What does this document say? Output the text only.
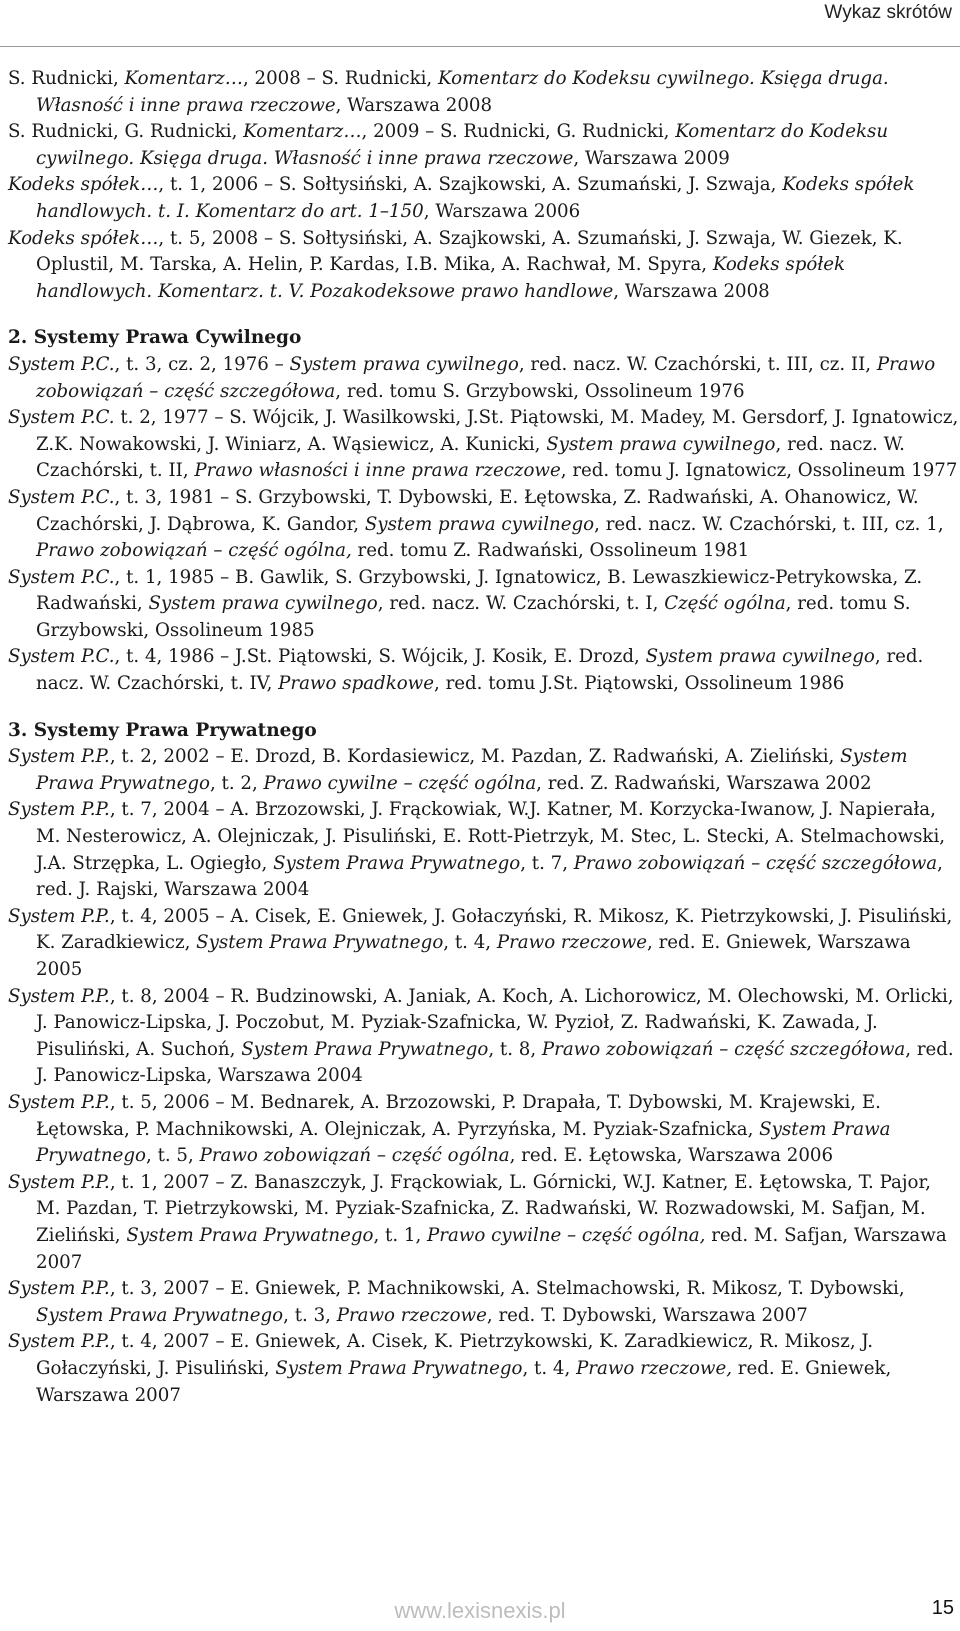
Wykaz skrótów

S. Rudnicki, Komentarz…, 2008 – S. Rudnicki, Komentarz do Kodeksu cywilnego. Księga druga. Własność i inne prawa rzeczowe, Warszawa 2008

S. Rudnicki, G. Rudnicki, Komentarz…, 2009 – S. Rudnicki, G. Rudnicki, Komentarz do Kodeksu cywilnego. Księga druga. Własność i inne prawa rzeczowe, Warszawa 2009

Kodeks spółek…, t. 1, 2006 – S. Sołtysiński, A. Szajkowski, A. Szumański, J. Szwaja, Kodeks spółek handlowych. t. I. Komentarz do art. 1–150, Warszawa 2006

Kodeks spółek…, t. 5, 2008 – S. Sołtysiński, A. Szajkowski, A. Szumański, J. Szwaja, W. Giezek, K. Oplustil, M. Tarska, A. Helin, P. Kardas, I.B. Mika, A. Rachwał, M. Spyra, Kodeks spółek handlowych. Komentarz. t. V. Pozakodeksowe prawo handlowe, Warszawa 2008

2. Systemy Prawa Cywilnego

System P.C., t. 3, cz. 2, 1976 – System prawa cywilnego, red. nacz. W. Czachórski, t. III, cz. II, Prawo zobowiązań – część szczegółowa, red. tomu S. Grzybowski, Ossolineum 1976

System P.C. t. 2, 1977 – S. Wójcik, J. Wasilkowski, J.St. Piątowski, M. Madey, M. Gersdorf, J. Ignatowicz, Z.K. Nowakowski, J. Winiarz, A. Wąsiewicz, A. Kunicki, System prawa cywilnego, red. nacz. W. Czachórski, t. II, Prawo własności i inne prawa rzeczowe, red. tomu J. Ignatowicz, Ossolineum 1977

System P.C., t. 3, 1981 – S. Grzybowski, T. Dybowski, E. Łętowska, Z. Radwański, A. Ohanowicz, W. Czachórski, J. Dąbrowa, K. Gandor, System prawa cywilnego, red. nacz. W. Czachórski, t. III, cz. 1, Prawo zobowiązań – część ogólna, red. tomu Z. Radwański, Ossolineum 1981

System P.C., t. 1, 1985 – B. Gawlik, S. Grzybowski, J. Ignatowicz, B. Lewaszkiewicz-Petrykowska, Z. Radwański, System prawa cywilnego, red. nacz. W. Czachórski, t. I, Część ogólna, red. tomu S. Grzybowski, Ossolineum 1985

System P.C., t. 4, 1986 – J.St. Piątowski, S. Wójcik, J. Kosik, E. Drozd, System prawa cywilnego, red. nacz. W. Czachórski, t. IV, Prawo spadkowe, red. tomu J.St. Piątowski, Ossolineum 1986

3. Systemy Prawa Prywatnego

System P.P., t. 2, 2002 – E. Drozd, B. Kordasiewicz, M. Pazdan, Z. Radwański, A. Zieliński, System Prawa Prywatnego, t. 2, Prawo cywilne – część ogólna, red. Z. Radwański, Warszawa 2002

System P.P., t. 7, 2004 – A. Brzozowski, J. Frąckowiak, W.J. Katner, M. Korzycka-Iwanow, J. Napierała, M. Nesterowicz, A. Olejniczak, J. Pisuliński, E. Rott-Pietrzyk, M. Stec, L. Stecki, A. Stelmachowski, J.A. Strzępka, L. Ogiegło, System Prawa Prywatnego, t. 7, Prawo zobowiązań – część szczegółowa, red. J. Rajski, Warszawa 2004

System P.P., t. 4, 2005 – A. Cisek, E. Gniewek, J. Gołaczyński, R. Mikosz, K. Pietrzykowski, J. Pisuliński, K. Zaradkiewicz, System Prawa Prywatnego, t. 4, Prawo rzeczowe, red. E. Gniewek, Warszawa 2005

System P.P., t. 8, 2004 – R. Budzinowski, A. Janiak, A. Koch, A. Lichorowicz, M. Olechowski, M. Orlicki, J. Panowicz-Lipska, J. Poczobut, M. Pyziak-Szafnicka, W. Pyzioł, Z. Radwański, K. Zawada, J. Pisuliński, A. Suchoń, System Prawa Prywatnego, t. 8, Prawo zobowiązań – część szczegółowa, red. J. Panowicz-Lipska, Warszawa 2004

System P.P., t. 5, 2006 – M. Bednarek, A. Brzozowski, P. Drapała, T. Dybowski, M. Krajewski, E. Łętowska, P. Machnikowski, A. Olejniczak, A. Pyrzyńska, M. Pyziak-Szafnicka, System Prawa Prywatnego, t. 5, Prawo zobowiązań – część ogólna, red. E. Łętowska, Warszawa 2006

System P.P., t. 1, 2007 – Z. Banaszczyk, J. Frąckowiak, L. Górnicki, W.J. Katner, E. Łętowska, T. Pajor, M. Pazdan, T. Pietrzykowski, M. Pyziak-Szafnicka, Z. Radwański, W. Rozwadowski, M. Safjan, M. Zieliński, System Prawa Prywatnego, t. 1, Prawo cywilne – część ogólna, red. M. Safjan, Warszawa 2007

System P.P., t. 3, 2007 – E. Gniewek, P. Machnikowski, A. Stelmachowski, R. Mikosz, T. Dybowski, System Prawa Prywatnego, t. 3, Prawo rzeczowe, red. T. Dybowski, Warszawa 2007

System P.P., t. 4, 2007 – E. Gniewek, A. Cisek, K. Pietrzykowski, K. Zaradkiewicz, R. Mikosz, J. Gołaczyński, J. Pisuliński, System Prawa Prywatnego, t. 4, Prawo rzeczowe, red. E. Gniewek, Warszawa 2007

www.lexisnexis.pl	15
